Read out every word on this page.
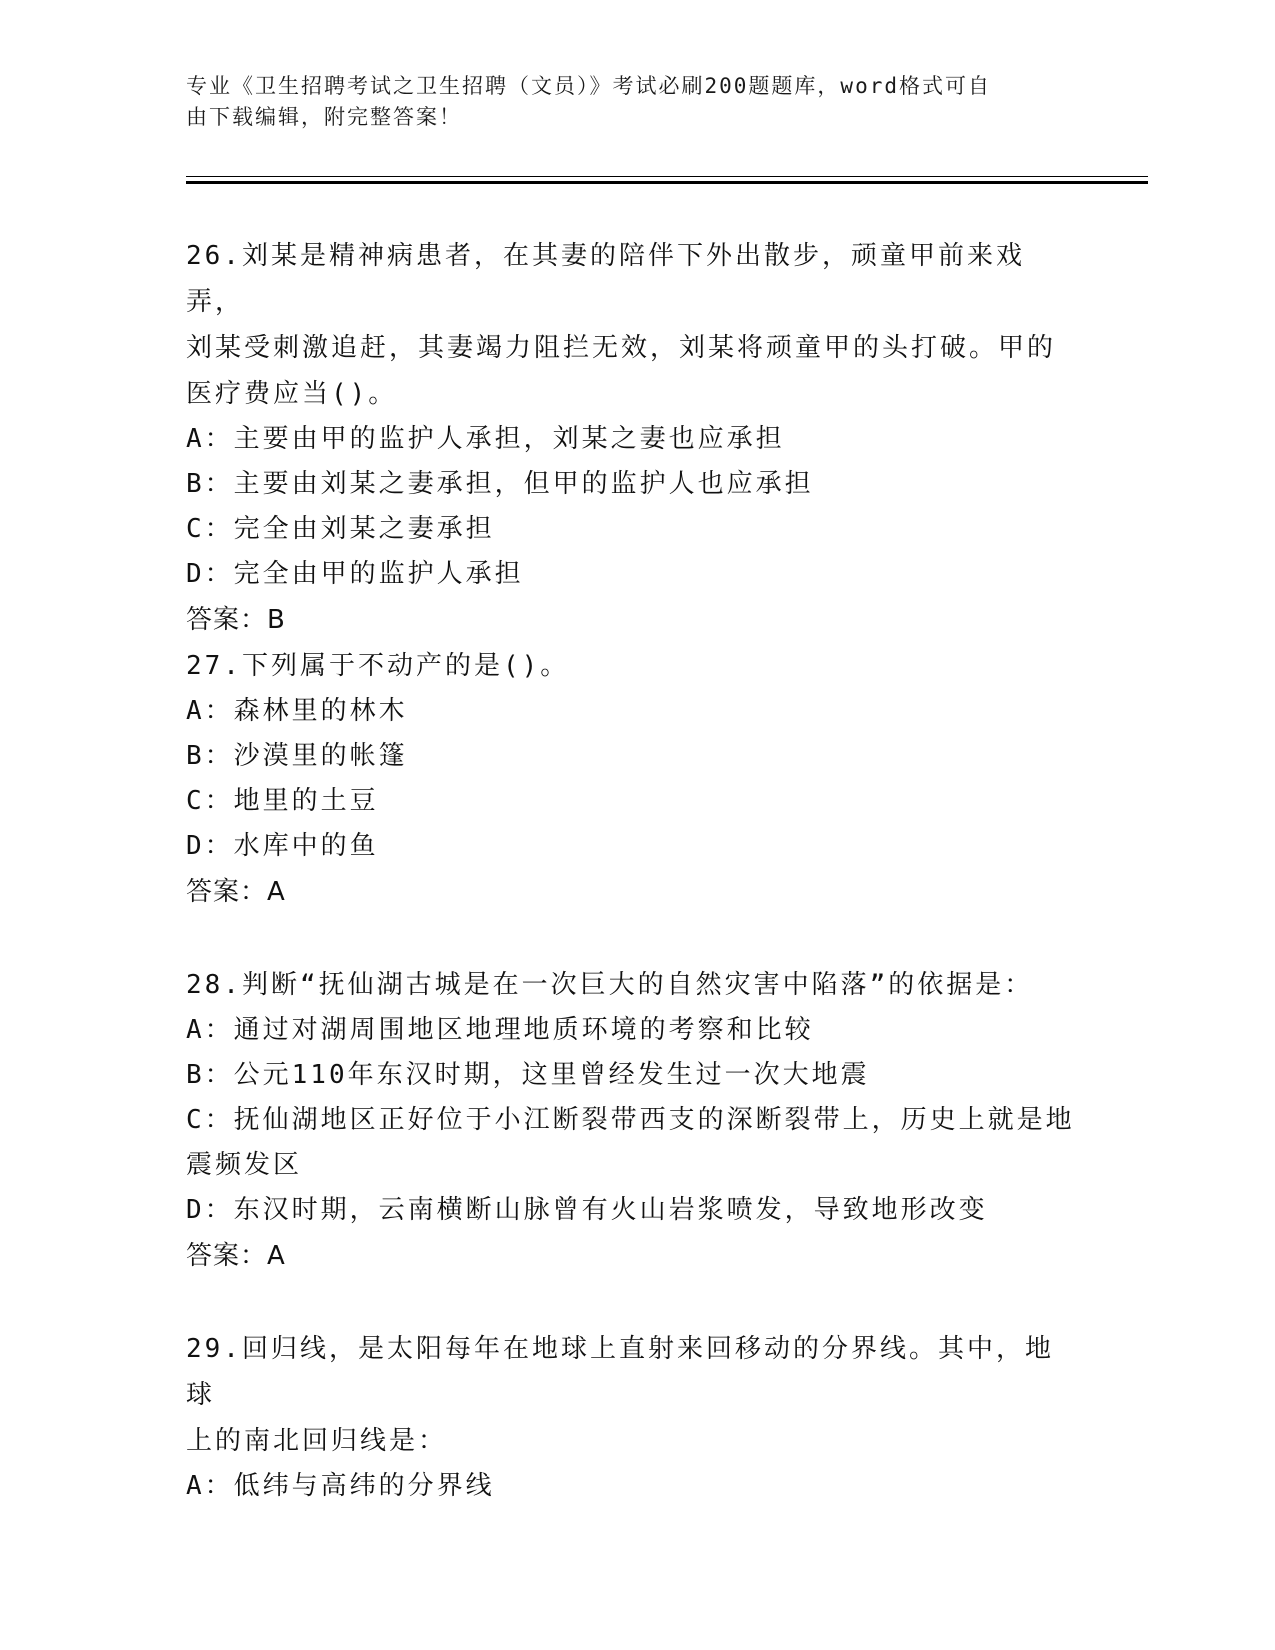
专业《卫生招聘考试之卫生招聘（文员）》考试必刷200题题库，word格式可自
由下载编辑，附完整答案！

26.刘某是精神病患者，在其妻的陪伴下外出散步，顽童甲前来戏弄，

刘某受刺激追赶，其妻竭力阻拦无效，刘某将顽童甲的头打破。甲的

医疗费应当()。

A：主要由甲的监护人承担，刘某之妻也应承担

B：主要由刘某之妻承担，但甲的监护人也应承担

C：完全由刘某之妻承担

D：完全由甲的监护人承担

答案：B

27.下列属于不动产的是()。

A：森林里的林木

B：沙漠里的帐篷

C：地里的土豆

D：水库中的鱼

答案：A

28.判断“抚仙湖古城是在一次巨大的自然灾害中陷落”的依据是：

A：通过对湖周围地区地理地质环境的考察和比较

B：公元110年东汉时期，这里曾经发生过一次大地震

C：抚仙湖地区正好位于小江断裂带西支的深断裂带上，历史上就是地

震频发区

D：东汉时期，云南横断山脉曾有火山岩浆喷发，导致地形改变

答案：A

29.回归线，是太阳每年在地球上直射来回移动的分界线。其中，地球

上的南北回归线是：

A：低纬与高纬的分界线
